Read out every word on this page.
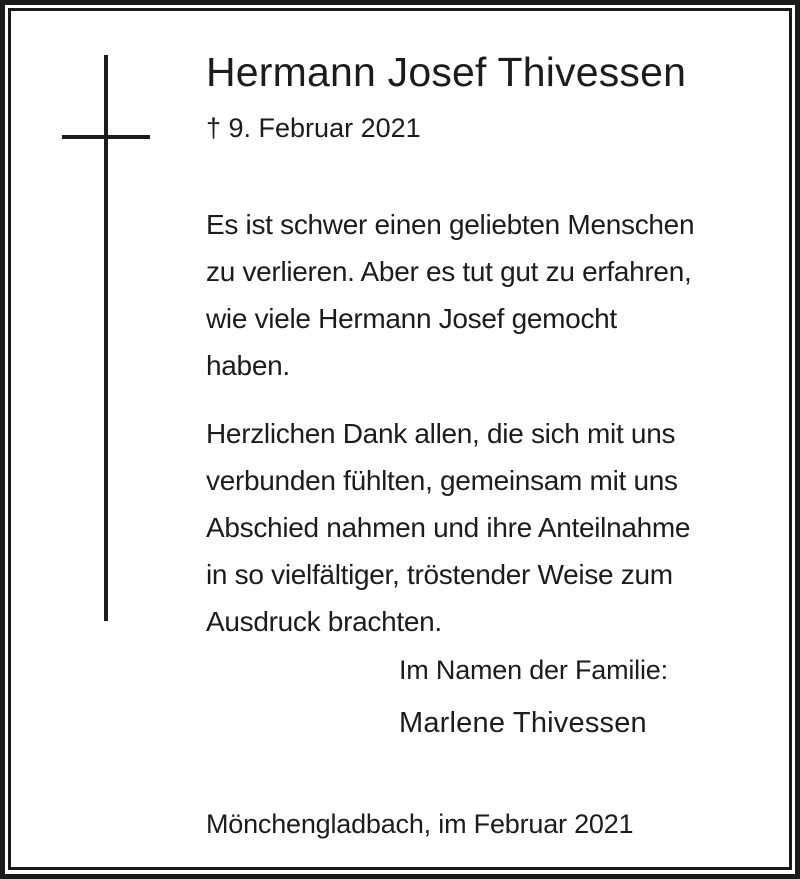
Hermann Josef Thivessen
† 9. Februar 2021
Es ist schwer einen geliebten Menschen
zu verlieren. Aber es tut gut zu erfahren,
wie viele Hermann Josef gemocht
haben.
Herzlichen Dank allen, die sich mit uns
verbunden fühlten, gemeinsam mit uns
Abschied nahmen und ihre Anteilnahme
in so vielfältiger, tröstender Weise zum
Ausdruck brachten.
Im Namen der Familie:
Marlene Thivessen
Mönchengladbach, im Februar 2021
